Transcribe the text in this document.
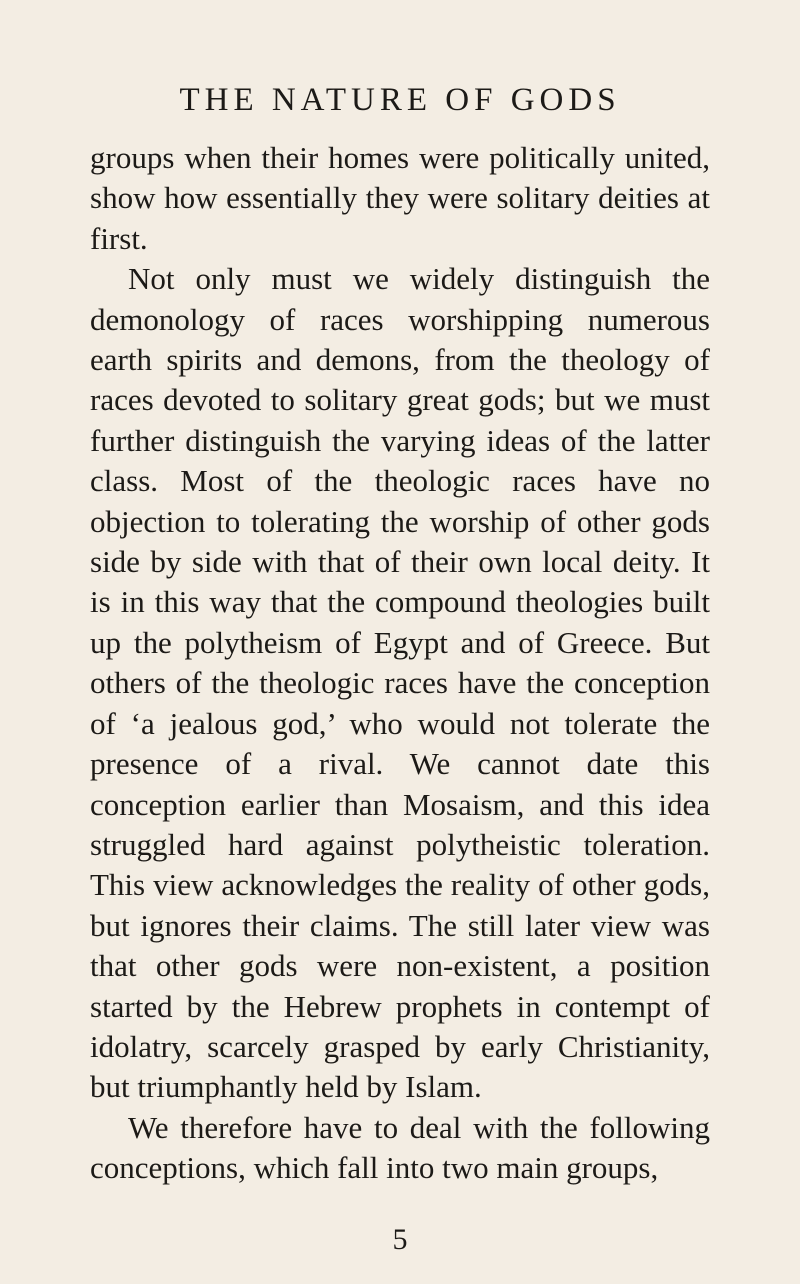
THE NATURE OF GODS

groups when their homes were politically united, show how essentially they were solitary deities at first.

Not only must we widely distinguish the demonology of races worshipping numerous earth spirits and demons, from the theology of races devoted to solitary great gods; but we must further distinguish the varying ideas of the latter class. Most of the theologic races have no objection to tolerating the worship of other gods side by side with that of their own local deity. It is in this way that the compound theologies built up the polytheism of Egypt and of Greece. But others of the theologic races have the conception of ‘a jealous god,’ who would not tolerate the presence of a rival. We cannot date this conception earlier than Mosaism, and this idea struggled hard against polytheistic toleration. This view acknowledges the reality of other gods, but ignores their claims. The still later view was that other gods were non-existent, a position started by the Hebrew prophets in contempt of idolatry, scarcely grasped by early Christianity, but triumphantly held by Islam.

We therefore have to deal with the following conceptions, which fall into two main groups,

5
